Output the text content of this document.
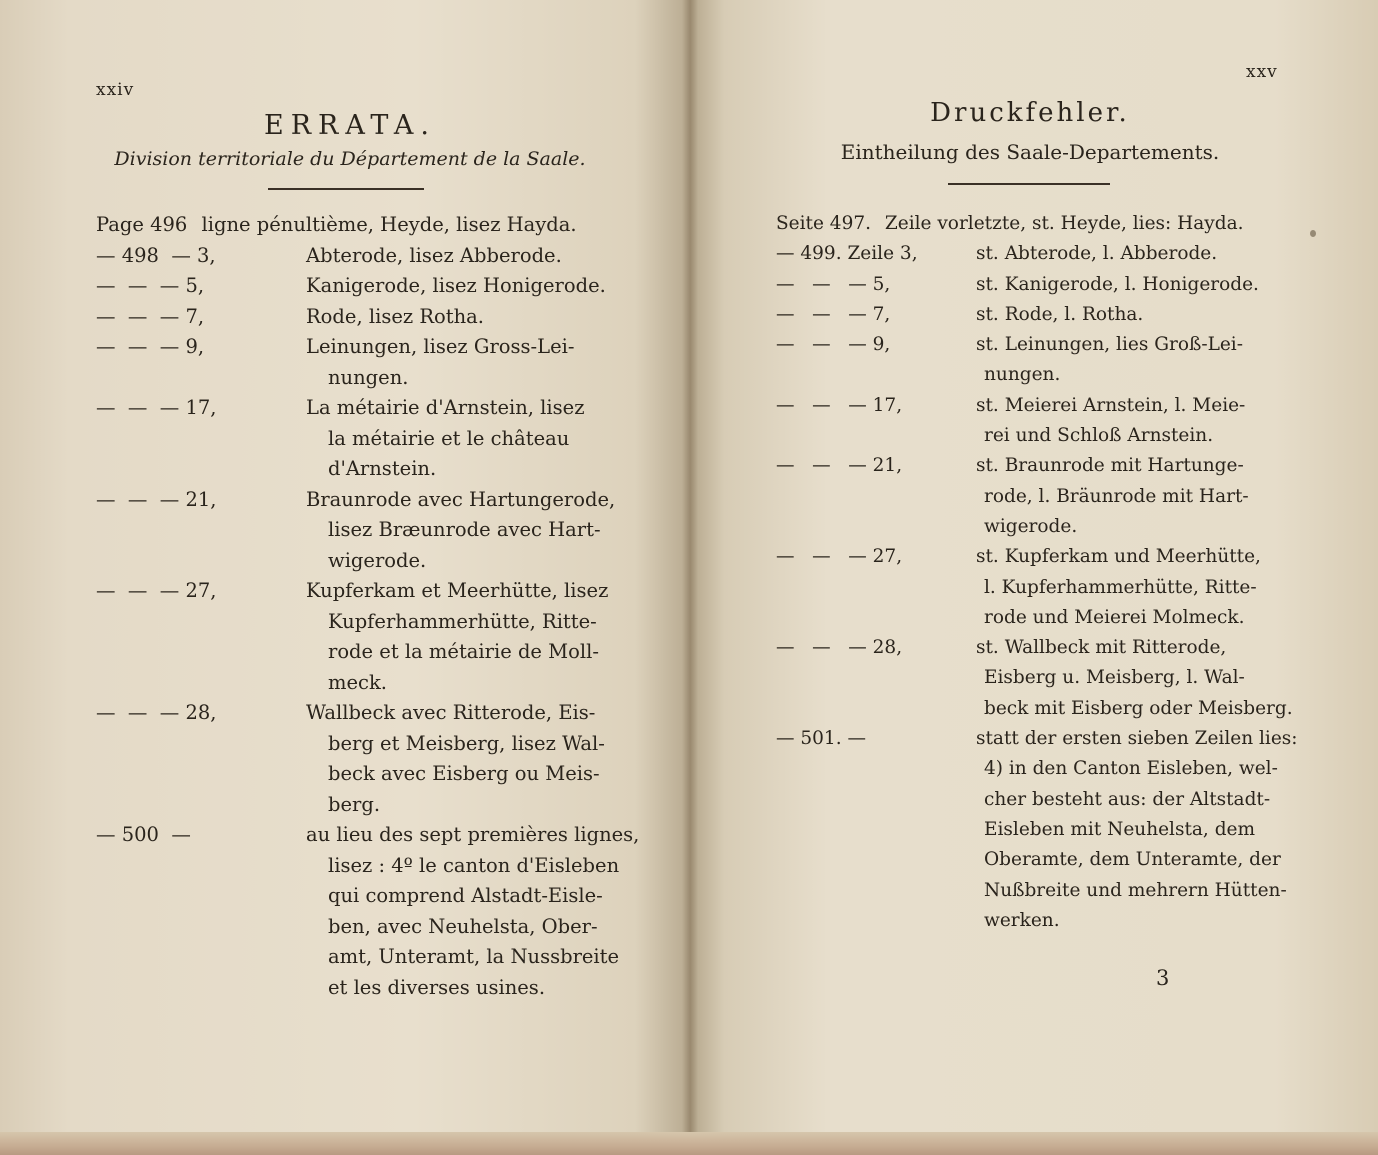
xxiv
ERRATA.
Division territoriale du Département de la Saale.
Page 496 ligne pénultième, Heyde, lisez Hayda.
— 498  — 3,	Abterode, lisez Abberode.
—  —  — 5,	Kanigerode, lisez Honigerode.
—  —  — 7,	Rode, lisez Rotha.
—  —  — 9,	Leinungen, lisez Gross-Lei-
nungen.
—  —  — 17,	La métairie d'Arnstein, lisez
la métairie et le château
d'Arnstein.
—  —  — 21,	Braunrode avec Hartungerode,
lisez Bræunrode avec Hart-
wigerode.
—  —  — 27,	Kupferkam et Meerhütte, lisez
Kupferhammerhütte, Ritte-
rode et la métairie de Moll-
meck.
—  —  — 28,	Wallbeck avec Ritterode, Eis-
berg et Meisberg, lisez Wal-
beck avec Eisberg ou Meis-
berg.
— 500  —	au lieu des sept premières lignes,
lisez : 4º le canton d'Eisleben
qui comprend Alstadt-Eisle-
ben, avec Neuhelsta, Ober-
amt, Unteramt, la Nussbreite
et les diverses usines.
xxv
Druckfehler.
Eintheilung des Saale-Departements.
Seite 497. Zeile vorletzte, st. Heyde, lies: Hayda.
— 499. Zeile 3,	st. Abterode, l. Abberode.
—   —   — 5,	st. Kanigerode, l. Honigerode.
—   —   — 7,	st. Rode, l. Rotha.
—   —   — 9,	st. Leinungen, lies Groß-Lei-
nungen.
—   —   — 17,	st. Meierei Arnstein, l. Meie-
rei und Schloß Arnstein.
—   —   — 21,	st. Braunrode mit Hartunge-
rode, l. Bräunrode mit Hart-
wigerode.
—   —   — 27,	st. Kupferkam und Meerhütte,
l. Kupferhammerhütte, Ritte-
rode und Meierei Molmeck.
—   —   — 28,	st. Wallbeck mit Ritterode,
Eisberg u. Meisberg, l. Wal-
beck mit Eisberg oder Meisberg.
— 501. —	statt der ersten sieben Zeilen lies:
4) in den Canton Eisleben, wel-
cher besteht aus: der Altstadt-
Eisleben mit Neuhelsta, dem
Oberamte, dem Unteramte, der
Nußbreite und mehrern Hütten-
werken.
3
